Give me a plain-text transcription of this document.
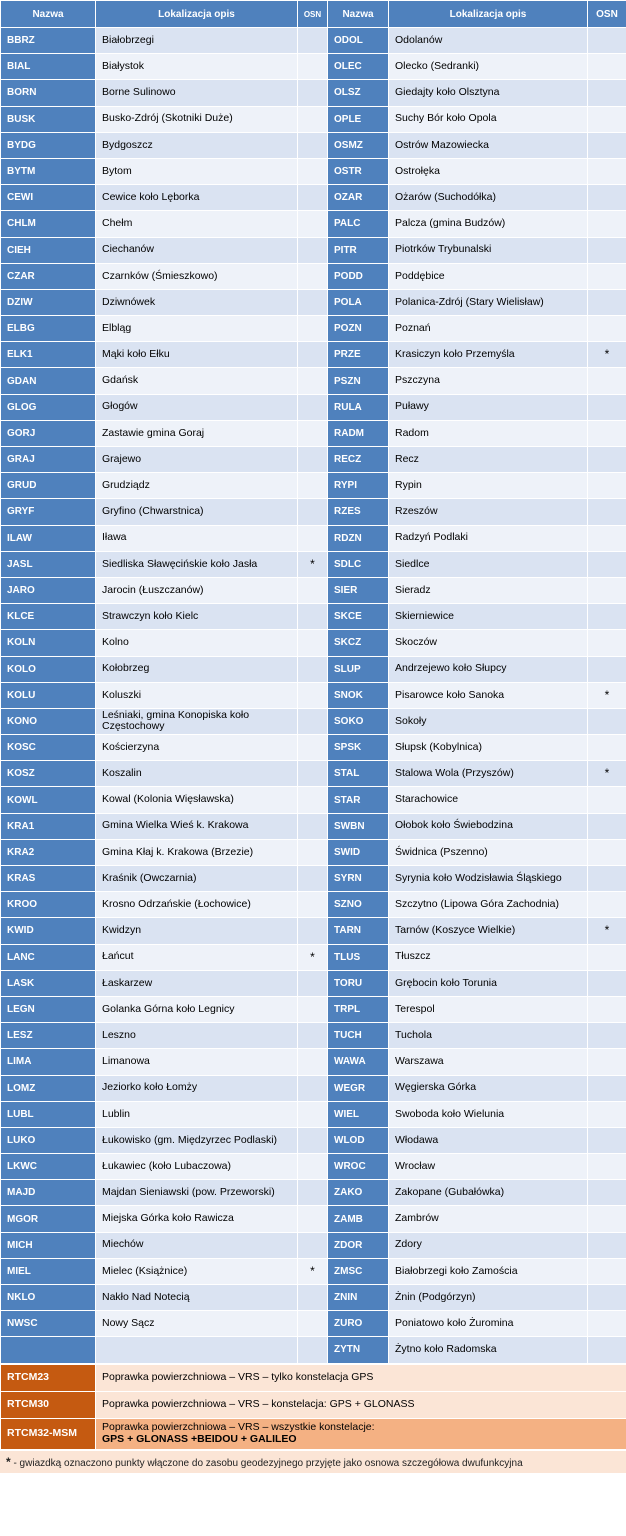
Nazwa	Lokalizacja opis	OSN	Nazwa	Lokalizacja opis	OSN
BBRZ	Białobrzegi		ODOL	Odolanów	
BIAL	Białystok		OLEC	Olecko (Sedranki)	
BORN	Borne Sulinowo		OLSZ	Giedajty koło Olsztyna	
BUSK	Busko-Zdrój (Skotniki Duże)		OPLE	Suchy Bór koło Opola	
BYDG	Bydgoszcz		OSMZ	Ostrów Mazowiecka	
BYTM	Bytom		OSTR	Ostrołęka	
CEWI	Cewice koło Lęborka		OZAR	Ożarów (Suchodółka)	
CHLM	Chełm		PALC	Palcza (gmina Budzów)	
CIEH	Ciechanów		PITR	Piotrków Trybunalski	
CZAR	Czarnków (Śmieszkowo)		PODD	Poddębice	
DZIW	Dziwnówek		POLA	Polanica-Zdrój (Stary Wielisław)	
ELBG	Elbląg		POZN	Poznań	
ELK1	Mąki koło Ełku		PRZE	Krasiczyn koło Przemyśla	*
GDAN	Gdańsk		PSZN	Pszczyna	
GLOG	Głogów		RULA	Puławy	
GORJ	Zastawie gmina Goraj		RADM	Radom	
GRAJ	Grajewo		RECZ	Recz	
GRUD	Grudziądz		RYPI	Rypin	
GRYF	Gryfino (Chwarstnica)		RZES	Rzeszów	
ILAW	Iława		RDZN	Radzyń Podlaki	
JASL	Siedliska Sławęcińskie koło Jasła	*	SDLC	Siedlce	
JARO	Jarocin (Łuszczanów)		SIER	Sieradz	
KLCE	Strawczyn koło Kielc		SKCE	Skierniewice	
KOLN	Kolno		SKCZ	Skoczów	
KOLO	Kołobrzeg		SLUP	Andrzejewo koło Słupcy	
KOLU	Koluszki		SNOK	Pisarowce koło Sanoka	*
KONO	Leśniaki, gmina Konopiska koło Częstochowy		SOKO	Sokoły	
KOSC	Kościerzyna		SPSK	Słupsk (Kobylnica)	
KOSZ	Koszalin		STAL	Stalowa Wola (Przyszów)	*
KOWL	Kowal (Kolonia Więsławska)		STAR	Starachowice	
KRA1	Gmina Wielka Wieś k. Krakowa		SWBN	Ołobok koło Świebodzina	
KRA2	Gmina Kłaj k. Krakowa (Brzezie)		SWID	Świdnica (Pszenno)	
KRAS	Kraśnik (Owczarnia)		SYRN	Syrynia koło Wodzisławia Śląskiego	
KROO	Krosno Odrzańskie (Łochowice)		SZNO	Szczytno (Lipowa Góra Zachodnia)	
KWID	Kwidzyn		TARN	Tarnów (Koszyce Wielkie)	*
LANC	Łańcut	*	TLUS	Tłuszcz	
LASK	Łaskarzew		TORU	Grębocin koło Torunia	
LEGN	Golanka Górna koło Legnicy		TRPL	Terespol	
LESZ	Leszno		TUCH	Tuchola	
LIMA	Limanowa		WAWA	Warszawa	
LOMZ	Jeziorko koło Łomży		WEGR	Węgierska Górka	
LUBL	Lublin		WIEL	Swoboda koło Wielunia	
LUKO	Łukowisko (gm. Międzyrzec Podlaski)		WLOD	Włodawa	
LKWC	Łukawiec (koło Lubaczowa)		WROC	Wrocław	
MAJD	Majdan Sieniawski (pow. Przeworski)		ZAKO	Zakopane (Gubałówka)	
MGOR	Miejska Górka koło Rawicza		ZAMB	Zambrów	
MICH	Miechów		ZDOR	Zdory	
MIEL	Mielec (Książnice)	*	ZMSC	Białobrzegi koło Zamościa	
NKLO	Nakło Nad Notecią		ZNIN	Żnin (Podgórzyn)	
NWSC	Nowy Sącz		ZURO	Poniatowo koło Żuromina	
			ZYTN	Żytno koło Radomska	
RTCM23	Poprawka powierzchniowa – VRS – tylko konstelacja GPS
RTCM30	Poprawka powierzchniowa – VRS – konstelacja: GPS + GLONASS
RTCM32-MSM	Poprawka powierzchniowa – VRS – wszystkie konstelacje:
GPS + GLONASS +BEIDOU + GALILEO
* - gwiazdką oznaczono punkty włączone do zasobu geodezyjnego przyjęte jako osnowa szczegółowa dwufunkcyjna
